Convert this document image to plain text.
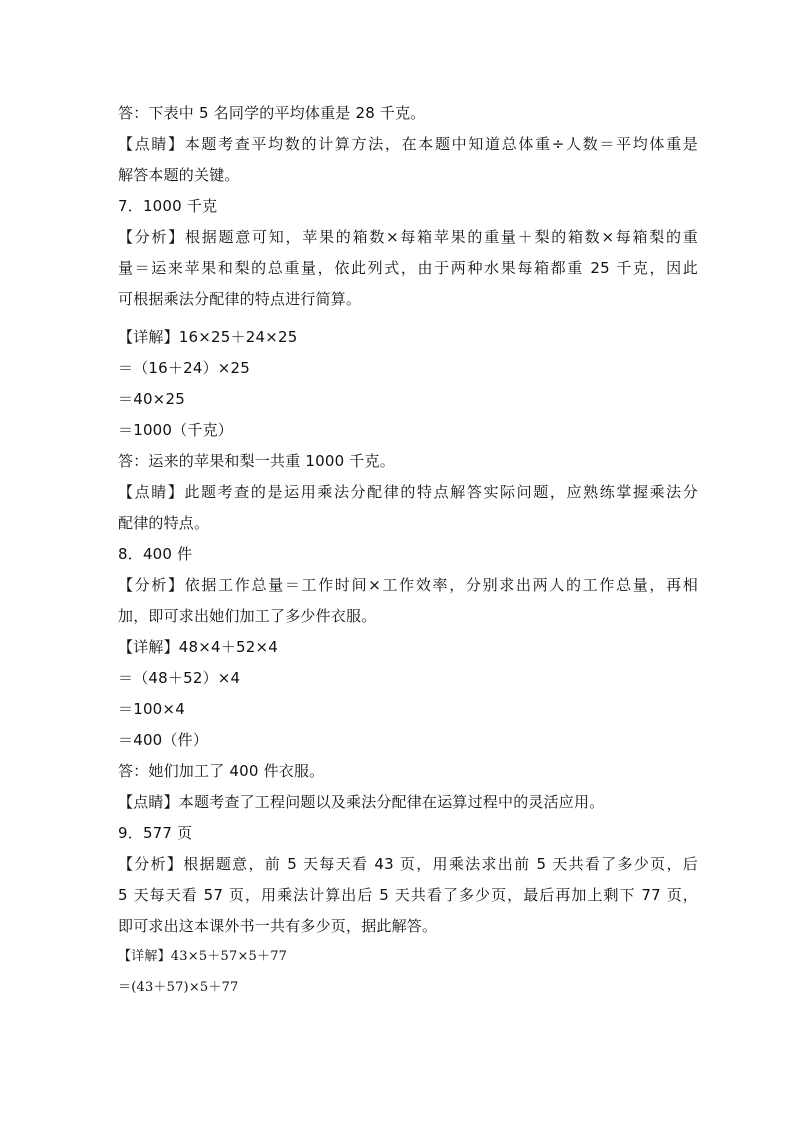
答：下表中 5 名同学的平均体重是 28 千克。
【点睛】本题考查平均数的计算方法，在本题中知道总体重÷人数＝平均体重是
解答本题的关键。
7．1000 千克
【分析】根据题意可知，苹果的箱数×每箱苹果的重量＋梨的箱数×每箱梨的重
量＝运来苹果和梨的总重量，依此列式，由于两种水果每箱都重 25 千克，因此
可根据乘法分配律的特点进行简算。
【详解】16×25＋24×25
＝（16＋24）×25
＝40×25
＝1000（千克）
答：运来的苹果和梨一共重 1000 千克。
【点睛】此题考查的是运用乘法分配律的特点解答实际问题，应熟练掌握乘法分
配律的特点。
8．400 件
【分析】依据工作总量＝工作时间×工作效率，分别求出两人的工作总量，再相
加，即可求出她们加工了多少件衣服。
【详解】48×4＋52×4
＝（48＋52）×4
＝100×4
＝400（件）
答：她们加工了 400 件衣服。
【点睛】本题考查了工程问题以及乘法分配律在运算过程中的灵活应用。
9．577 页
【分析】根据题意，前 5 天每天看 43 页，用乘法求出前 5 天共看了多少页，后
5 天每天看 57 页，用乘法计算出后 5 天共看了多少页，最后再加上剩下 77 页，
即可求出这本课外书一共有多少页，据此解答。
【详解】43×5＋57×5＋77
＝(43＋57)×5＋77
